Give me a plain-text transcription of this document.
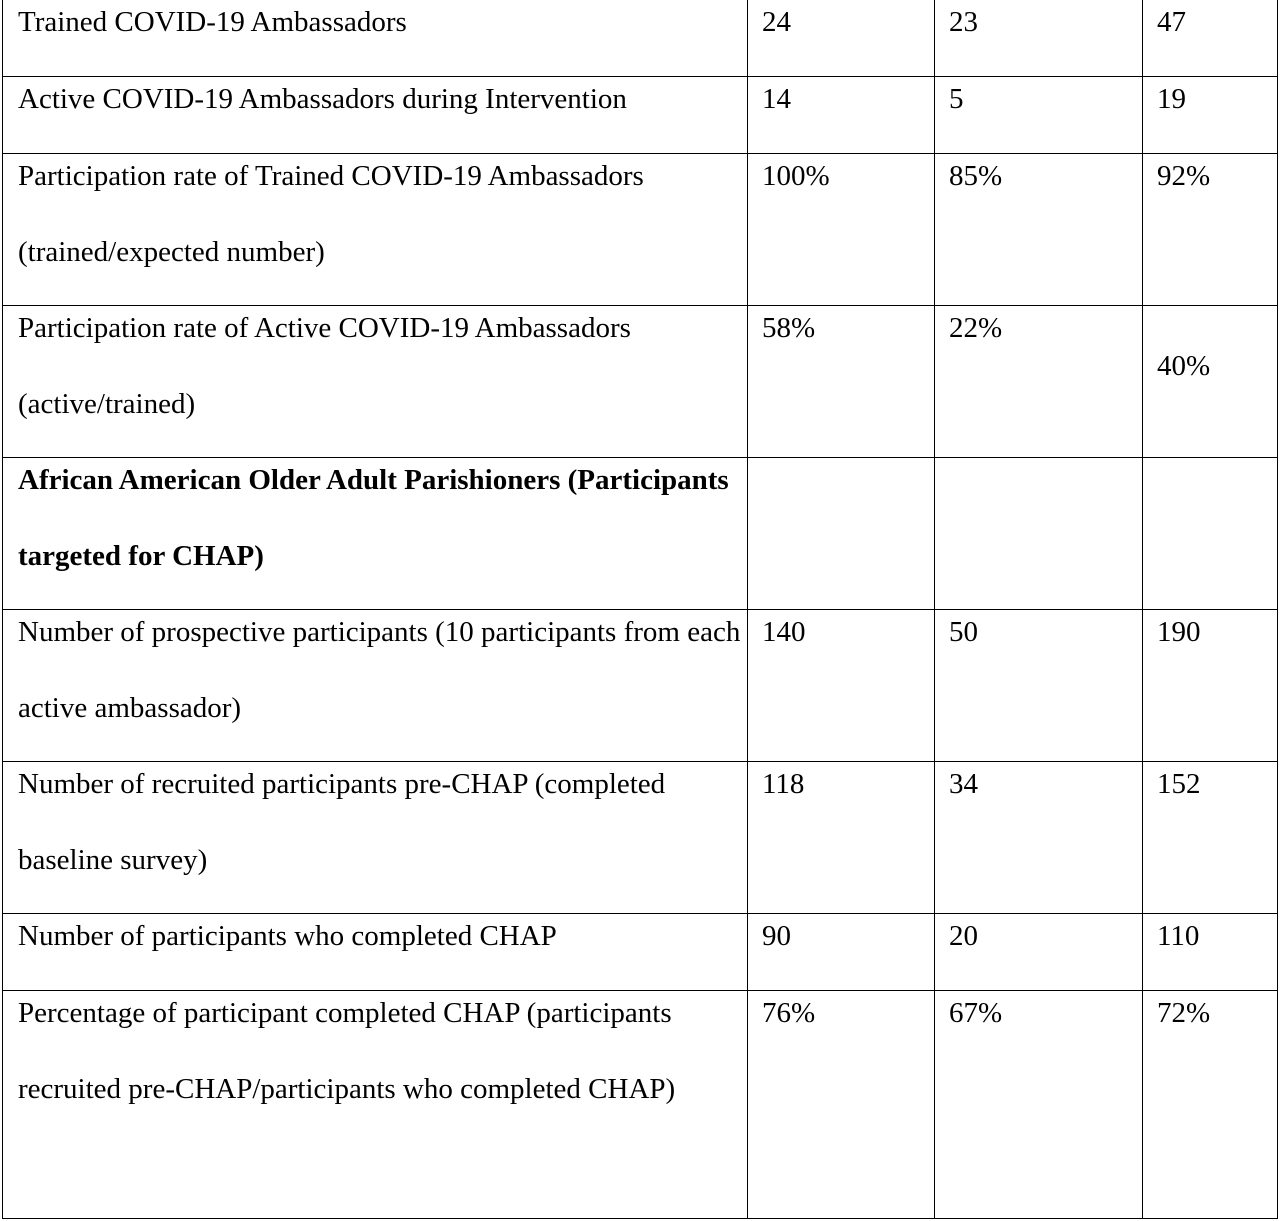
Trained COVID-19 Ambassadors	24	23	47

Active COVID-19 Ambassadors during Intervention	14	5	19

Participation rate of Trained COVID-19 Ambassadors (trained/expected number)	100%	85%	92%

Participation rate of Active COVID-19 Ambassadors (active/trained)	58%	22%	40%

African American Older Adult Parishioners (Participants targeted for CHAP)			

Number of prospective participants (10 participants from each active ambassador)	140	50	190

Number of recruited participants pre-CHAP (completed baseline survey)	118	34	152

Number of participants who completed CHAP	90	20	110

Percentage of participant completed CHAP (participants recruited pre-CHAP/participants who completed CHAP)	76%	67%	72%
